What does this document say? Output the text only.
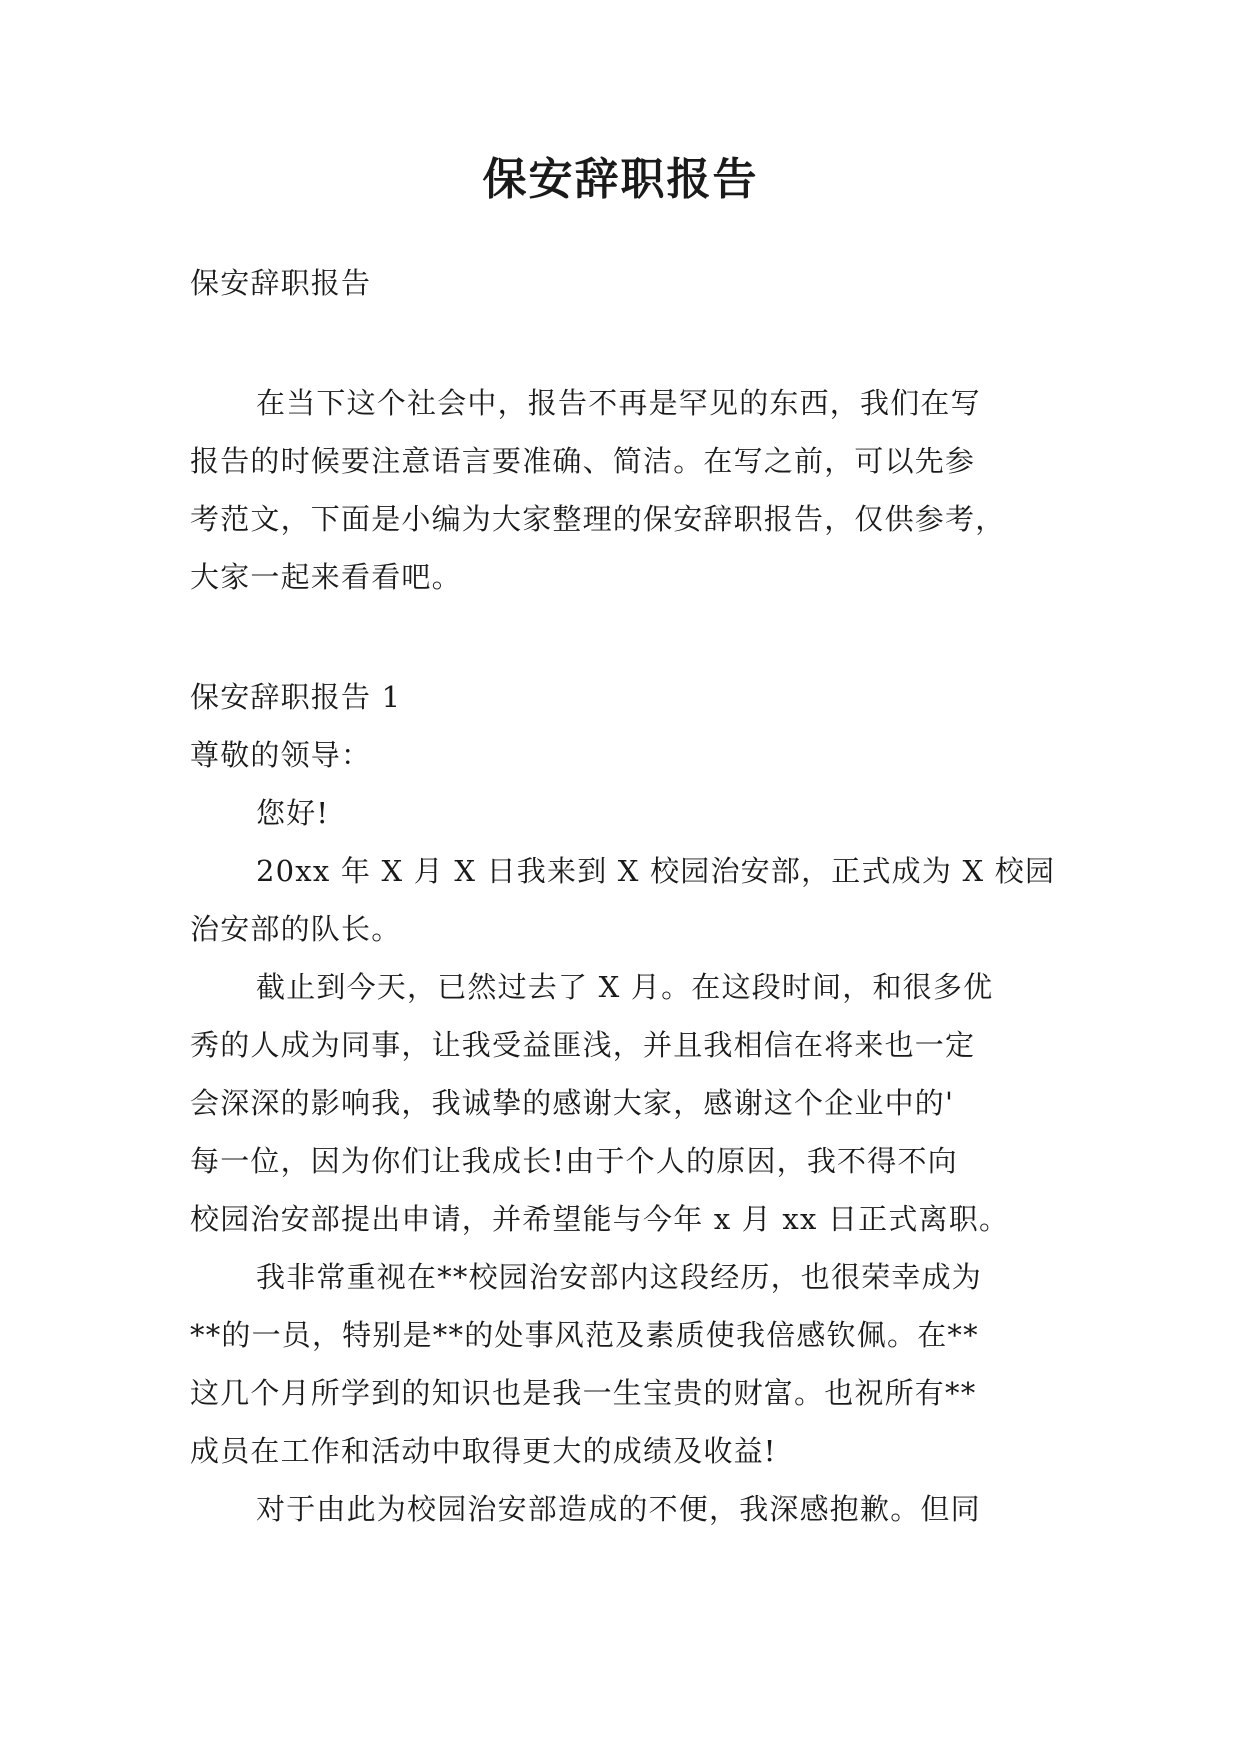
保安辞职报告
保安辞职报告
在当下这个社会中，报告不再是罕见的东西，我们在写
报告的时候要注意语言要准确、简洁。在写之前，可以先参
考范文，下面是小编为大家整理的保安辞职报告，仅供参考，
大家一起来看看吧。
保安辞职报告 1
尊敬的领导：
您好!
20xx 年 X 月 X 日我来到 X 校园治安部，正式成为 X 校园
治安部的队长。
截止到今天，已然过去了 X 月。在这段时间，和很多优
秀的人成为同事，让我受益匪浅，并且我相信在将来也一定
会深深的影响我，我诚挚的感谢大家，感谢这个企业中的'
每一位，因为你们让我成长!由于个人的原因，我不得不向
校园治安部提出申请，并希望能与今年 x 月 xx 日正式离职。
我非常重视在**校园治安部内这段经历，也很荣幸成为
**的一员，特别是**的处事风范及素质使我倍感钦佩。在**
这几个月所学到的知识也是我一生宝贵的财富。也祝所有**
成员在工作和活动中取得更大的成绩及收益!
对于由此为校园治安部造成的不便，我深感抱歉。但同
